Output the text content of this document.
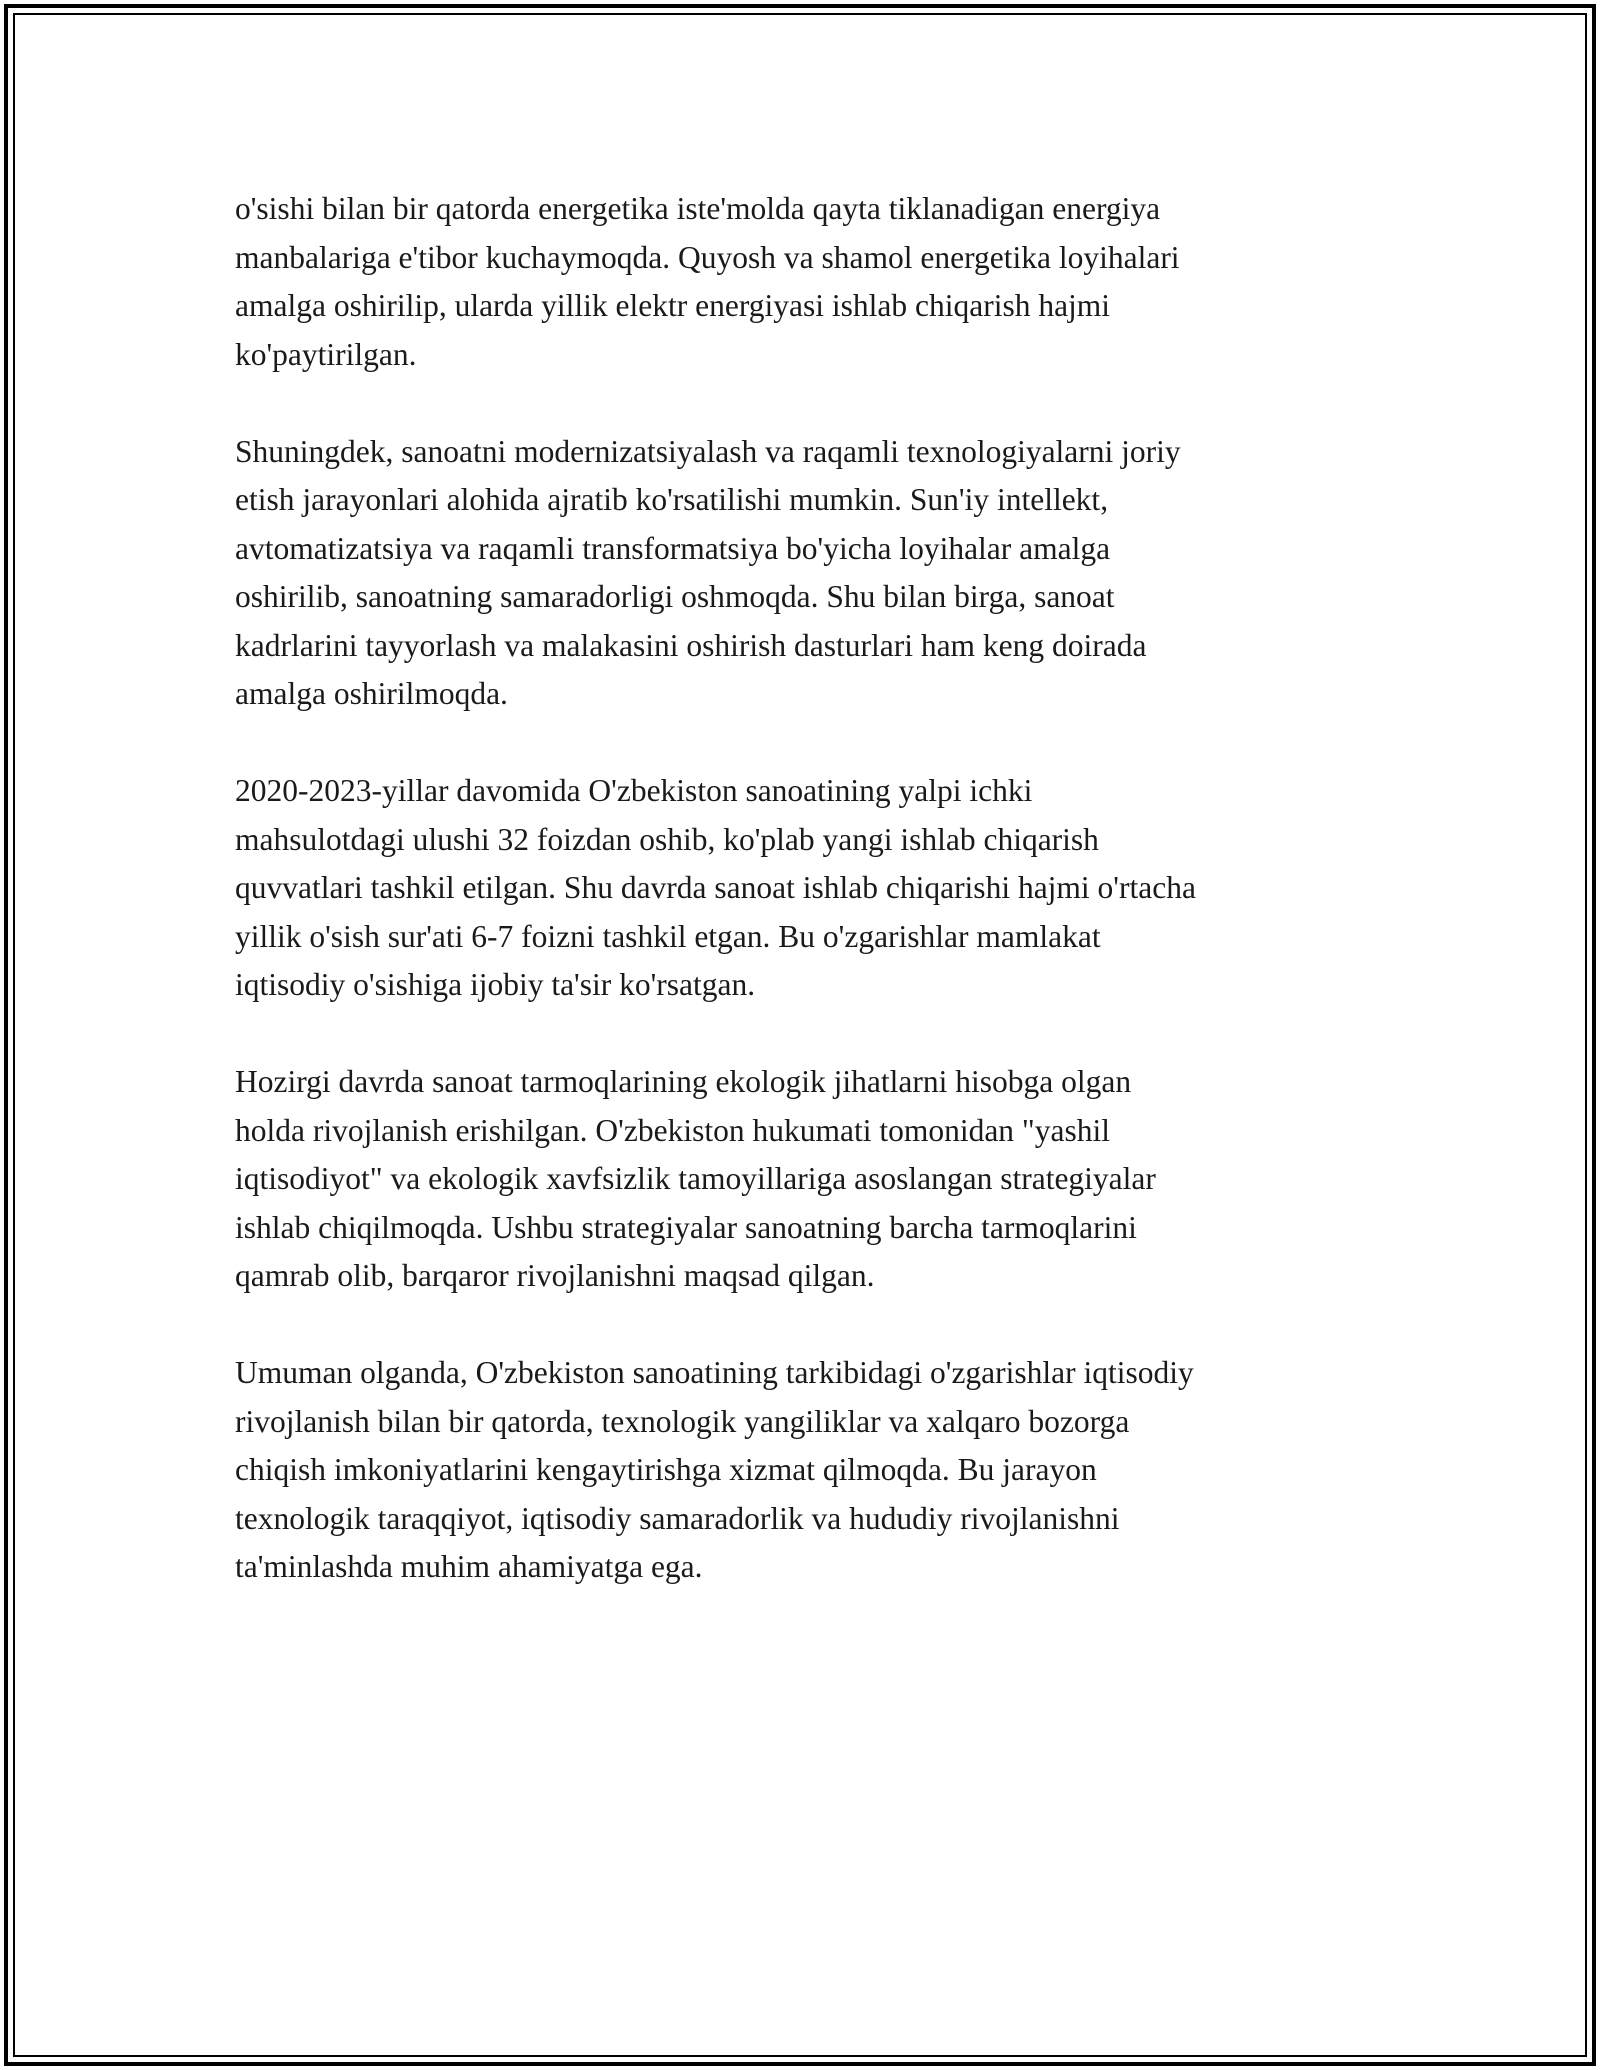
o'sishi bilan bir qatorda energetika iste'molda qayta tiklanadigan energiya
manbalariga e'tibor kuchaymoqda. Quyosh va shamol energetika loyihalari
amalga oshirilip, ularda yillik elektr energiyasi ishlab chiqarish hajmi
ko'paytirilgan.

Shuningdek, sanoatni modernizatsiyalash va raqamli texnologiyalarni joriy
etish jarayonlari alohida ajratib ko'rsatilishi mumkin. Sun'iy intellekt,
avtomatizatsiya va raqamli transformatsiya bo'yicha loyihalar amalga
oshirilib, sanoatning samaradorligi oshmoqda. Shu bilan birga, sanoat
kadrlarini tayyorlash va malakasini oshirish dasturlari ham keng doirada
amalga oshirilmoqda.

2020-2023-yillar davomida O'zbekiston sanoatining yalpi ichki
mahsulotdagi ulushi 32 foizdan oshib, ko'plab yangi ishlab chiqarish
quvvatlari tashkil etilgan. Shu davrda sanoat ishlab chiqarishi hajmi o'rtacha
yillik o'sish sur'ati 6-7 foizni tashkil etgan. Bu o'zgarishlar mamlakat
iqtisodiy o'sishiga ijobiy ta'sir ko'rsatgan.

Hozirgi davrda sanoat tarmoqlarining ekologik jihatlarni hisobga olgan
holda rivojlanish erishilgan. O'zbekiston hukumati tomonidan "yashil
iqtisodiyot" va ekologik xavfsizlik tamoyillariga asoslangan strategiyalar
ishlab chiqilmoqda. Ushbu strategiyalar sanoatning barcha tarmoqlarini
qamrab olib, barqaror rivojlanishni maqsad qilgan.

Umuman olganda, O'zbekiston sanoatining tarkibidagi o'zgarishlar iqtisodiy
rivojlanish bilan bir qatorda, texnologik yangiliklar va xalqaro bozorga
chiqish imkoniyatlarini kengaytirishga xizmat qilmoqda. Bu jarayon
texnologik taraqqiyot, iqtisodiy samaradorlik va hududiy rivojlanishni
ta'minlashda muhim ahamiyatga ega.
